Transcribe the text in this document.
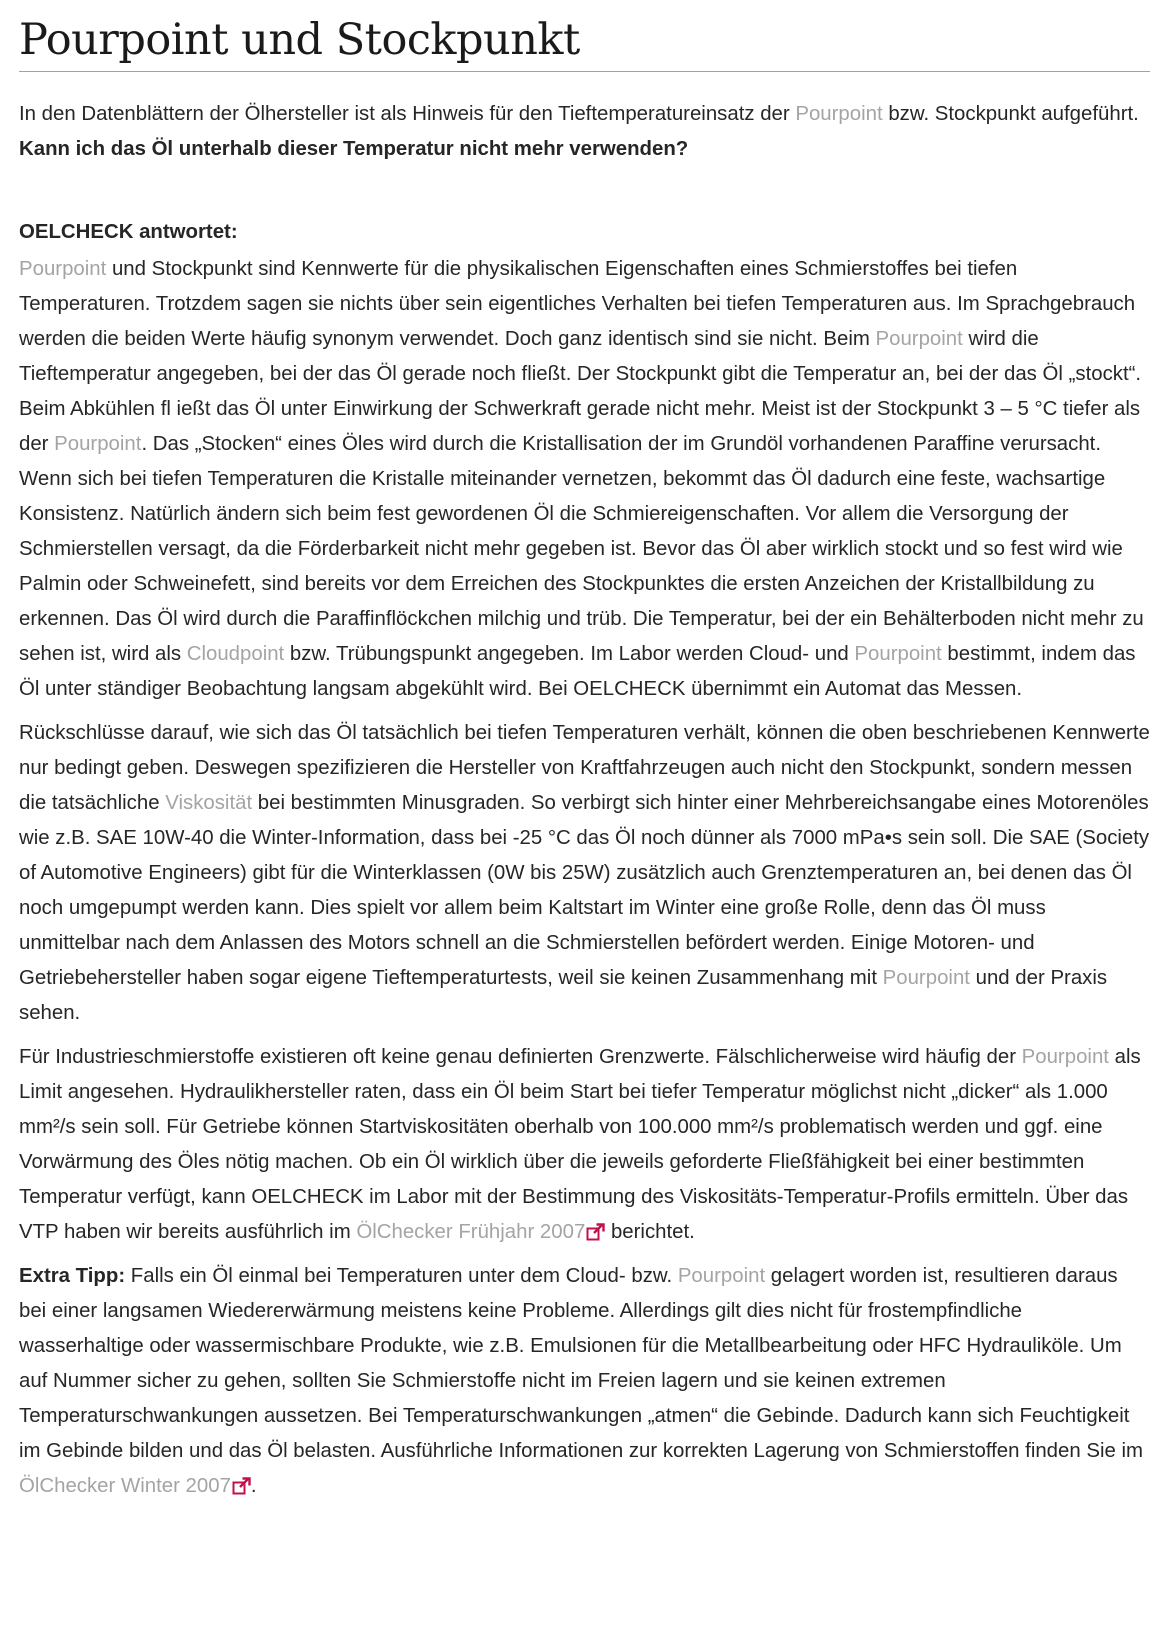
Pourpoint und Stockpunkt

In den Datenblättern der Ölhersteller ist als Hinweis für den Tieftemperatureinsatz der Pourpoint bzw. Stockpunkt aufgeführt. Kann ich das Öl unterhalb dieser Temperatur nicht mehr verwenden?

OELCHECK antwortet:

Pourpoint und Stockpunkt sind Kennwerte für die physikalischen Eigenschaften eines Schmierstoffes bei tiefen Temperaturen. Trotzdem sagen sie nichts über sein eigentliches Verhalten bei tiefen Temperaturen aus. Im Sprachgebrauch werden die beiden Werte häufig synonym verwendet. Doch ganz identisch sind sie nicht. Beim Pourpoint wird die Tieftemperatur angegeben, bei der das Öl gerade noch fließt. Der Stockpunkt gibt die Temperatur an, bei der das Öl „stockt“. Beim Abkühlen fl ießt das Öl unter Einwirkung der Schwerkraft gerade nicht mehr. Meist ist der Stockpunkt 3 – 5 °C tiefer als der Pourpoint. Das „Stocken“ eines Öles wird durch die Kristallisation der im Grundöl vorhandenen Paraffine verursacht. Wenn sich bei tiefen Temperaturen die Kristalle miteinander vernetzen, bekommt das Öl dadurch eine feste, wachsartige Konsistenz. Natürlich ändern sich beim fest gewordenen Öl die Schmiereigenschaften. Vor allem die Versorgung der Schmierstellen versagt, da die Förderbarkeit nicht mehr gegeben ist. Bevor das Öl aber wirklich stockt und so fest wird wie Palmin oder Schweinefett, sind bereits vor dem Erreichen des Stockpunktes die ersten Anzeichen der Kristallbildung zu erkennen. Das Öl wird durch die Paraffinflöckchen milchig und trüb. Die Temperatur, bei der ein Behälterboden nicht mehr zu sehen ist, wird als Cloudpoint bzw. Trübungspunkt angegeben. Im Labor werden Cloud- und Pourpoint bestimmt, indem das Öl unter ständiger Beobachtung langsam abgekühlt wird. Bei OELCHECK übernimmt ein Automat das Messen.

Rückschlüsse darauf, wie sich das Öl tatsächlich bei tiefen Temperaturen verhält, können die oben beschriebenen Kennwerte nur bedingt geben. Deswegen spezifizieren die Hersteller von Kraftfahrzeugen auch nicht den Stockpunkt, sondern messen die tatsächliche Viskosität bei bestimmten Minusgraden. So verbirgt sich hinter einer Mehrbereichsangabe eines Motorenöles wie z.B. SAE 10W-40 die Winter-Information, dass bei -25 °C das Öl noch dünner als 7000 mPa•s sein soll. Die SAE (Society of Automotive Engineers) gibt für die Winterklassen (0W bis 25W) zusätzlich auch Grenztemperaturen an, bei denen das Öl noch umgepumpt werden kann. Dies spielt vor allem beim Kaltstart im Winter eine große Rolle, denn das Öl muss unmittelbar nach dem Anlassen des Motors schnell an die Schmierstellen befördert werden. Einige Motoren- und Getriebehersteller haben sogar eigene Tieftemperaturtests, weil sie keinen Zusammenhang mit Pourpoint und der Praxis sehen.

Für Industrieschmierstoffe existieren oft keine genau definierten Grenzwerte. Fälschlicherweise wird häufig der Pourpoint als Limit angesehen. Hydraulikhersteller raten, dass ein Öl beim Start bei tiefer Temperatur möglichst nicht „dicker“ als 1.000 mm²/s sein soll. Für Getriebe können Startviskositäten oberhalb von 100.000 mm²/s problematisch werden und ggf. eine Vorwärmung des Öles nötig machen. Ob ein Öl wirklich über die jeweils geforderte Fließfähigkeit bei einer bestimmten Temperatur verfügt, kann OELCHECK im Labor mit der Bestimmung des Viskositäts-Temperatur-Profils ermitteln. Über das VTP haben wir bereits ausführlich im ÖlChecker Frühjahr 2007 berichtet.

Extra Tipp: Falls ein Öl einmal bei Temperaturen unter dem Cloud- bzw. Pourpoint gelagert worden ist, resultieren daraus bei einer langsamen Wiedererwärmung meistens keine Probleme. Allerdings gilt dies nicht für frostempfindliche wasserhaltige oder wassermischbare Produkte, wie z.B. Emulsionen für die Metallbearbeitung oder HFC Hydrauliköle. Um auf Nummer sicher zu gehen, sollten Sie Schmierstoffe nicht im Freien lagern und sie keinen extremen Temperaturschwankungen aussetzen. Bei Temperaturschwankungen „atmen“ die Gebinde. Dadurch kann sich Feuchtigkeit im Gebinde bilden und das Öl belasten. Ausführliche Informationen zur korrekten Lagerung von Schmierstoffen finden Sie im ÖlChecker Winter 2007 .
